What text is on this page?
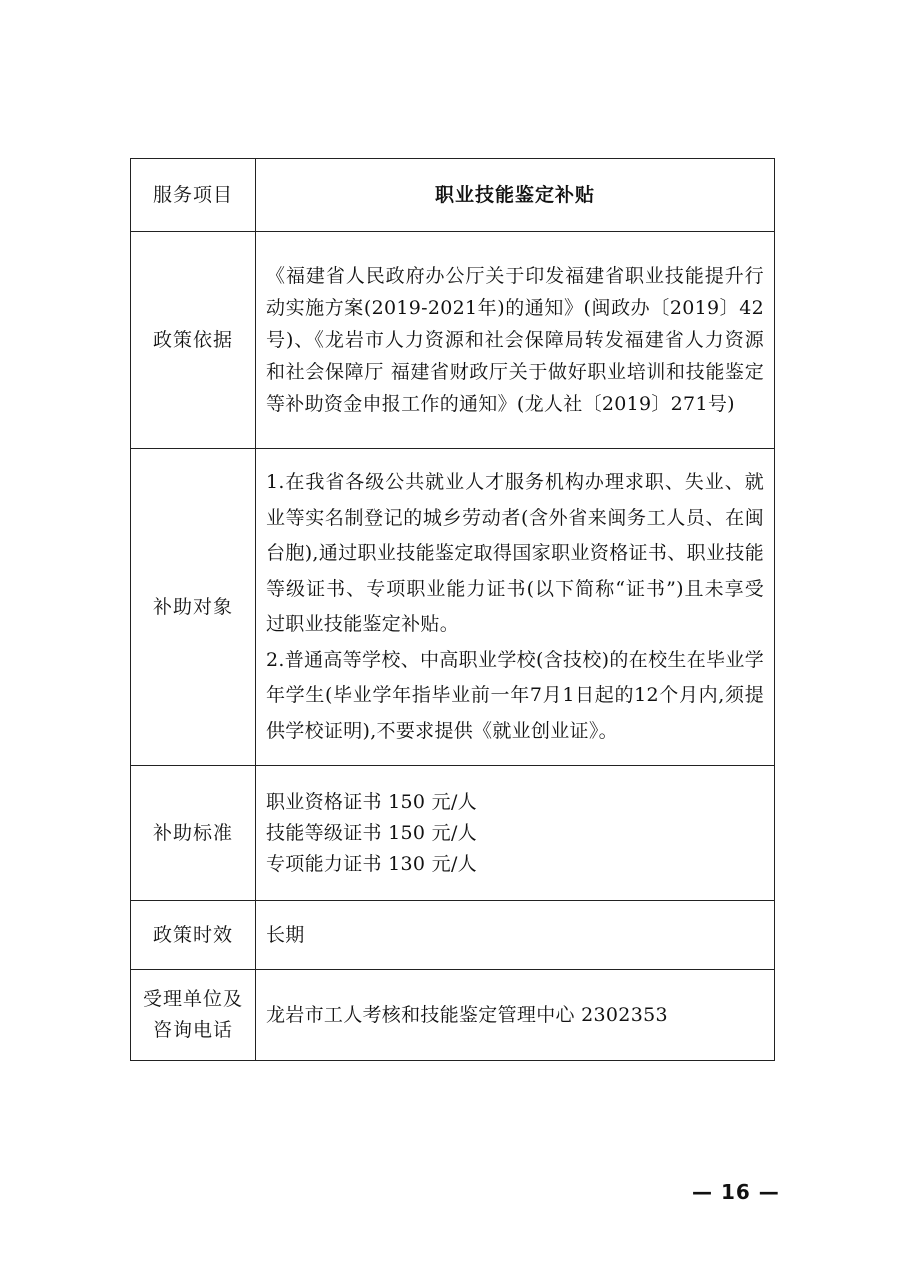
服务项目	职业技能鉴定补贴
政策依据	《福建省人民政府办公厅关于印发福建省职业技能提升行动实施方案(2019-2021年)的通知》(闽政办〔2019〕42号)、《龙岩市人力资源和社会保障局转发福建省人力资源和社会保障厅 福建省财政厅关于做好职业培训和技能鉴定等补助资金申报工作的通知》(龙人社〔2019〕271号)

补助对象	1.在我省各级公共就业人才服务机构办理求职、失业、就业等实名制登记的城乡劳动者(含外省来闽务工人员、在闽台胞),通过职业技能鉴定取得国家职业资格证书、职业技能等级证书、专项职业能力证书(以下简称“证书”)且未享受过职业技能鉴定补贴。

2.普通高等学校、中高职业学校(含技校)的在校生在毕业学年学生(毕业学年指毕业前一年7月1日起的12个月内,须提供学校证明),不要求提供《就业创业证》。

补助标准	职业资格证书 150 元/人
技能等级证书 150 元/人
专项能力证书 130 元/人

政策时效	长期

受理单位及
咨询电话	龙岩市工人考核和技能鉴定管理中心 2302353
— 16 —
